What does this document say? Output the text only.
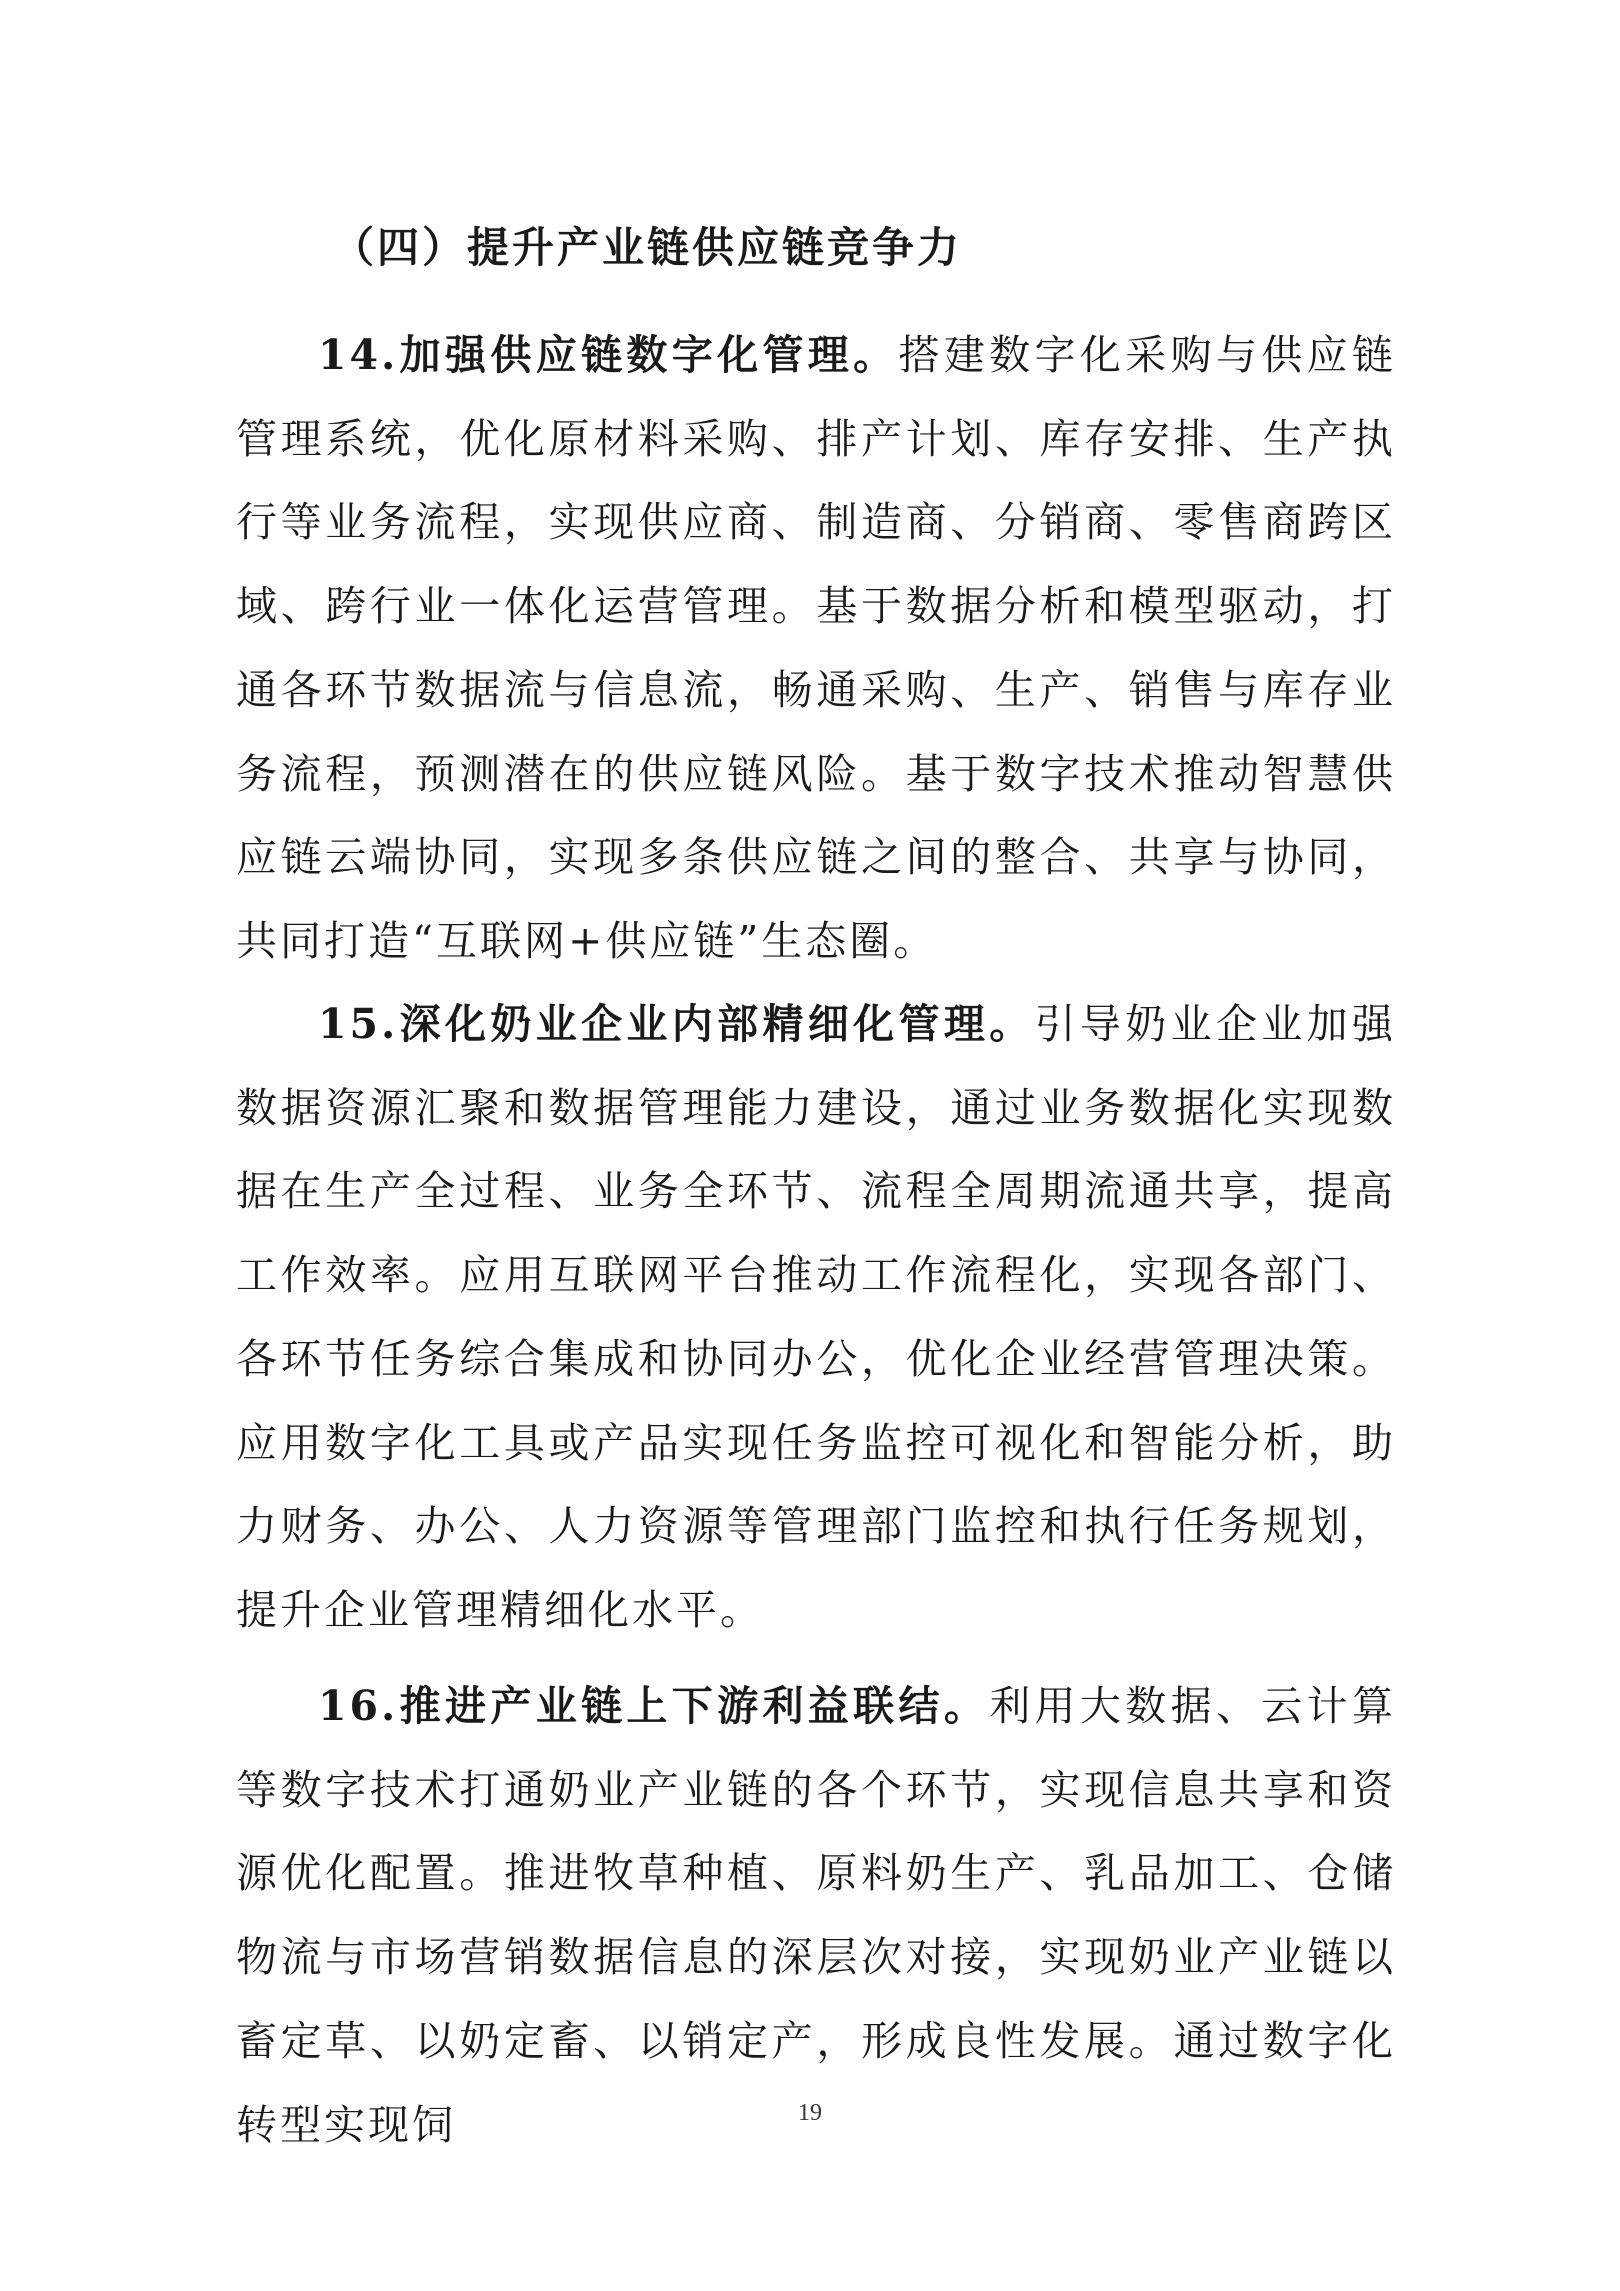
（四）提升产业链供应链竞争力

14.加强供应链数字化管理。搭建数字化采购与供应链管理系统，优化原材料采购、排产计划、库存安排、生产执行等业务流程，实现供应商、制造商、分销商、零售商跨区域、跨行业一体化运营管理。基于数据分析和模型驱动，打通各环节数据流与信息流，畅通采购、生产、销售与库存业务流程，预测潜在的供应链风险。基于数字技术推动智慧供应链云端协同，实现多条供应链之间的整合、共享与协同，共同打造“互联网+供应链”生态圈。

15.深化奶业企业内部精细化管理。引导奶业企业加强数据资源汇聚和数据管理能力建设，通过业务数据化实现数据在生产全过程、业务全环节、流程全周期流通共享，提高工作效率。应用互联网平台推动工作流程化，实现各部门、各环节任务综合集成和协同办公，优化企业经营管理决策。应用数字化工具或产品实现任务监控可视化和智能分析，助力财务、办公、人力资源等管理部门监控和执行任务规划，提升企业管理精细化水平。

16.推进产业链上下游利益联结。利用大数据、云计算等数字技术打通奶业产业链的各个环节，实现信息共享和资源优化配置。推进牧草种植、原料奶生产、乳品加工、仓储物流与市场营销数据信息的深层次对接，实现奶业产业链以畜定草、以奶定畜、以销定产，形成良性发展。通过数字化转型实现饲	19
